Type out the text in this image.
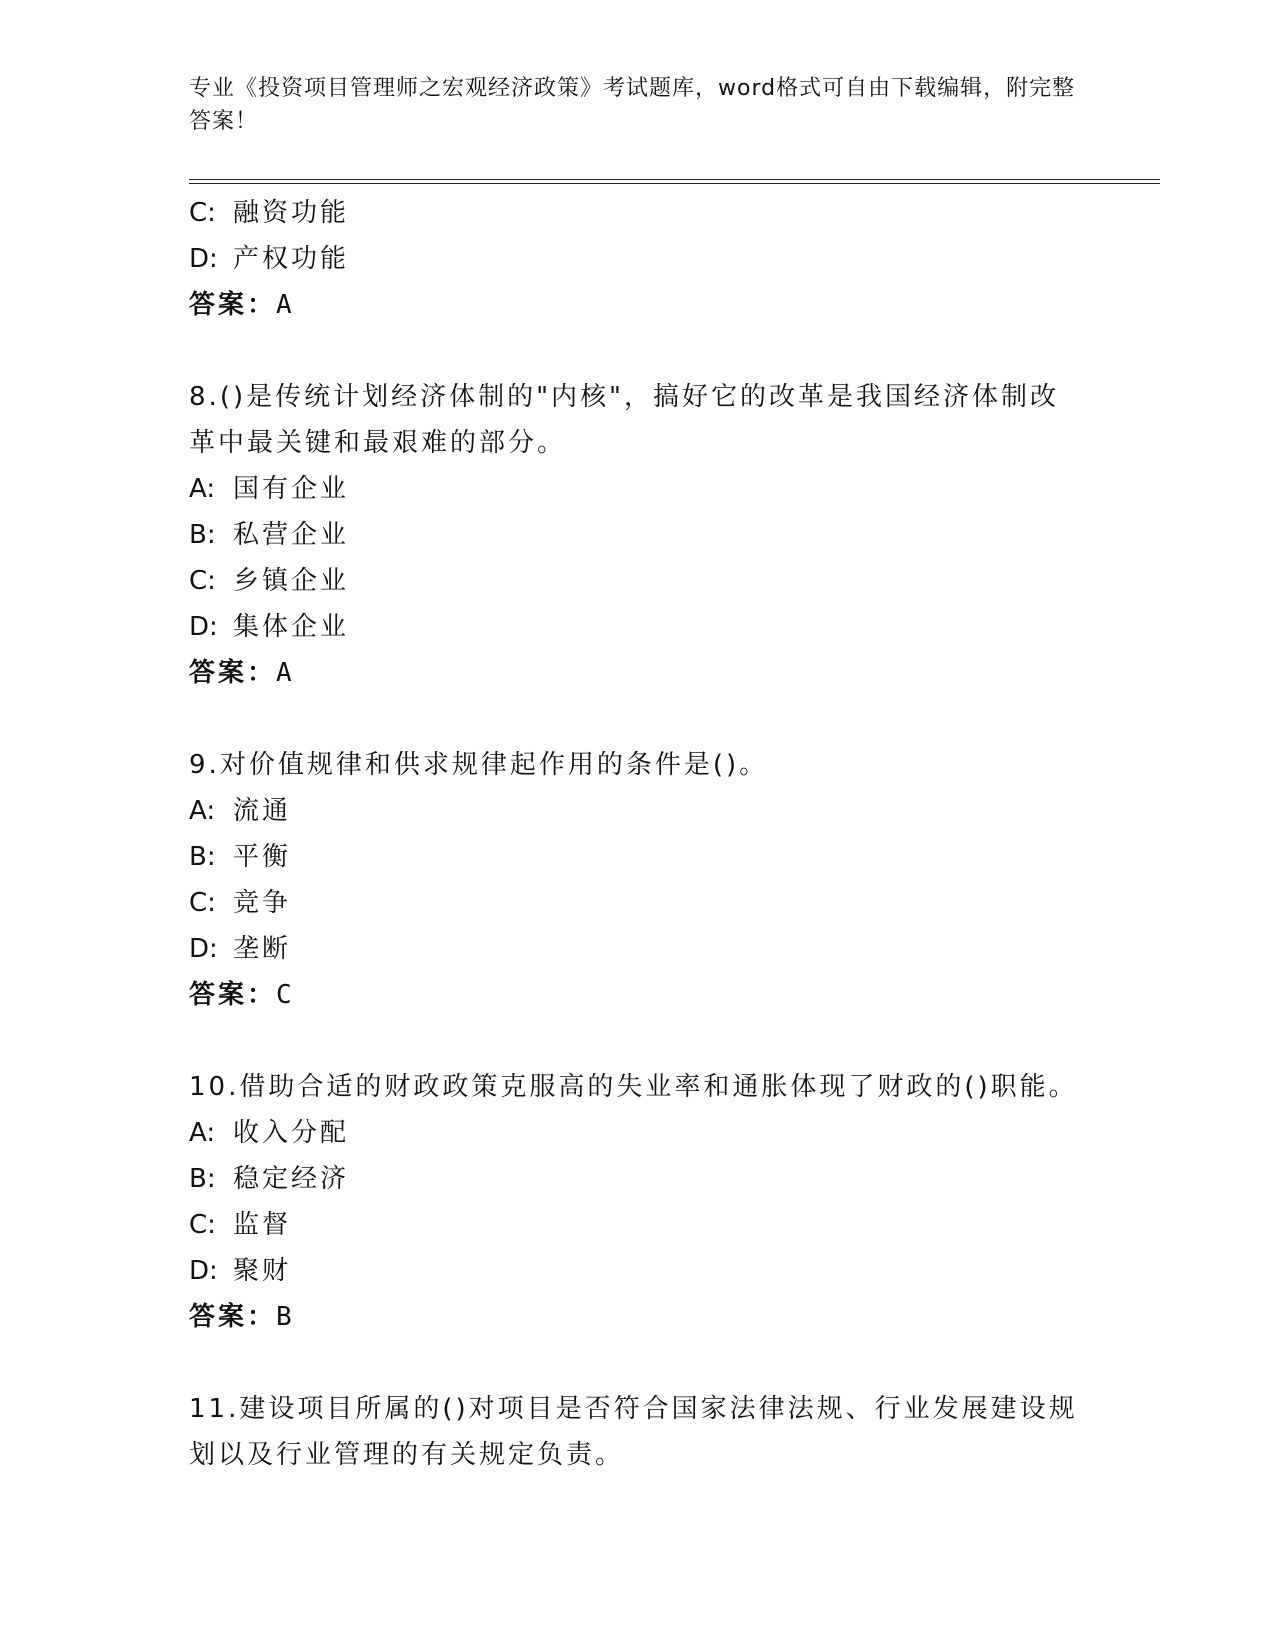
专业《投资项目管理师之宏观经济政策》考试题库，word格式可自由下载编辑，附完整答案！
C: 融资功能
D: 产权功能
答案：A
8.()是传统计划经济体制的"内核"，搞好它的改革是我国经济体制改
革中最关键和最艰难的部分。
A: 国有企业
B: 私营企业
C: 乡镇企业
D: 集体企业
答案：A
9.对价值规律和供求规律起作用的条件是()。
A: 流通
B: 平衡
C: 竞争
D: 垄断
答案：C
10.借助合适的财政政策克服高的失业率和通胀体现了财政的()职能。
A: 收入分配
B: 稳定经济
C: 监督
D: 聚财
答案：B
11.建设项目所属的()对项目是否符合国家法律法规、行业发展建设规
划以及行业管理的有关规定负责。
